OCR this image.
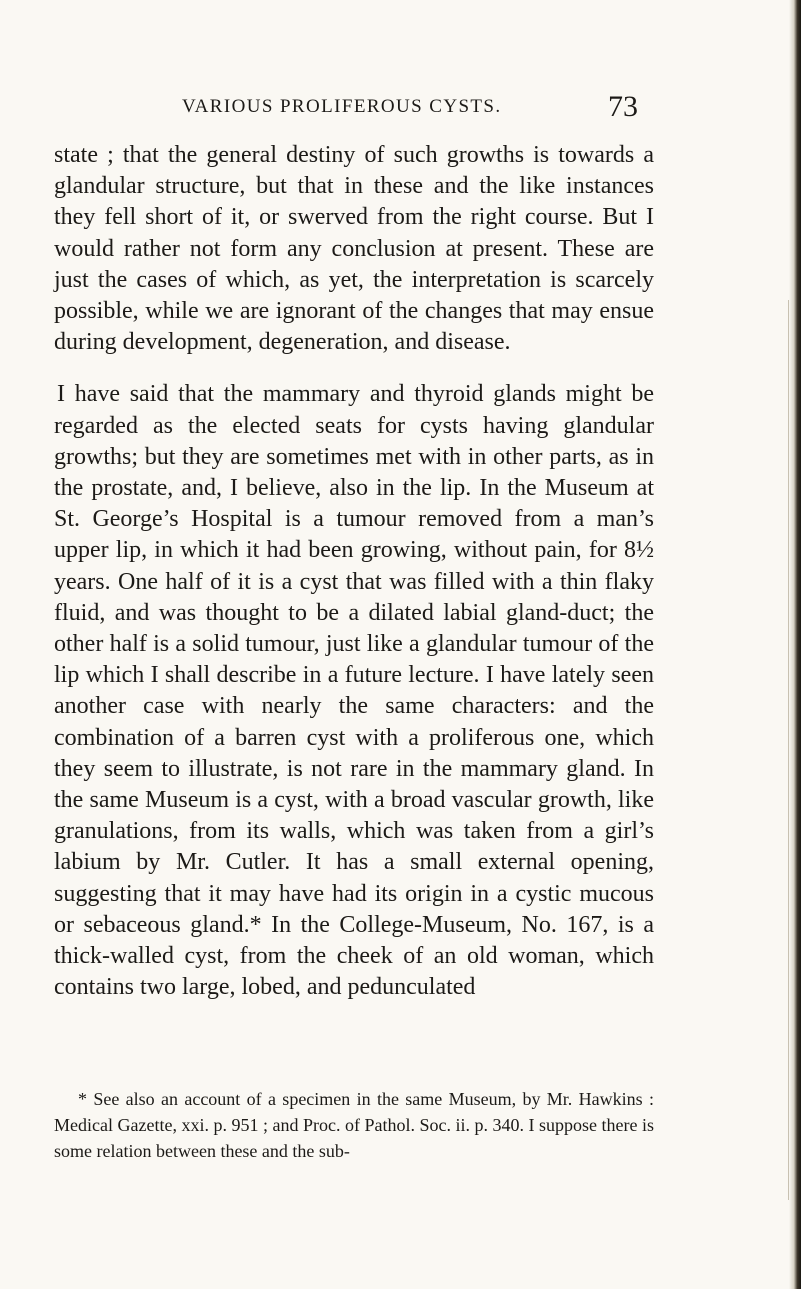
VARIOUS PROLIFEROUS CYSTS.	73

state ; that the general destiny of such growths is towards a glandular structure, but that in these and the like instances they fell short of it, or swerved from the right course. But I would rather not form any conclusion at present. These are just the cases of which, as yet, the interpretation is scarcely possible, while we are ignorant of the changes that may ensue during development, degeneration, and disease.

I have said that the mammary and thyroid glands might be regarded as the elected seats for cysts having glandular growths; but they are sometimes met with in other parts, as in the prostate, and, I believe, also in the lip. In the Museum at St. George’s Hospital is a tumour removed from a man’s upper lip, in which it had been growing, without pain, for 8½ years. One half of it is a cyst that was filled with a thin flaky fluid, and was thought to be a dilated labial gland-duct; the other half is a solid tumour, just like a glandular tumour of the lip which I shall describe in a future lecture. I have lately seen another case with nearly the same characters: and the combination of a barren cyst with a proliferous one, which they seem to illustrate, is not rare in the mammary gland. In the same Museum is a cyst, with a broad vascular growth, like granulations, from its walls, which was taken from a girl’s labium by Mr. Cutler. It has a small external opening, suggesting that it may have had its origin in a cystic mucous or sebaceous gland.* In the College-Museum, No. 167, is a thick-walled cyst, from the cheek of an old woman, which contains two large, lobed, and pedunculated

* See also an account of a specimen in the same Museum, by Mr. Hawkins : Medical Gazette, xxi. p. 951 ; and Proc. of Pathol. Soc. ii. p. 340. I suppose there is some relation between these and the sub-
